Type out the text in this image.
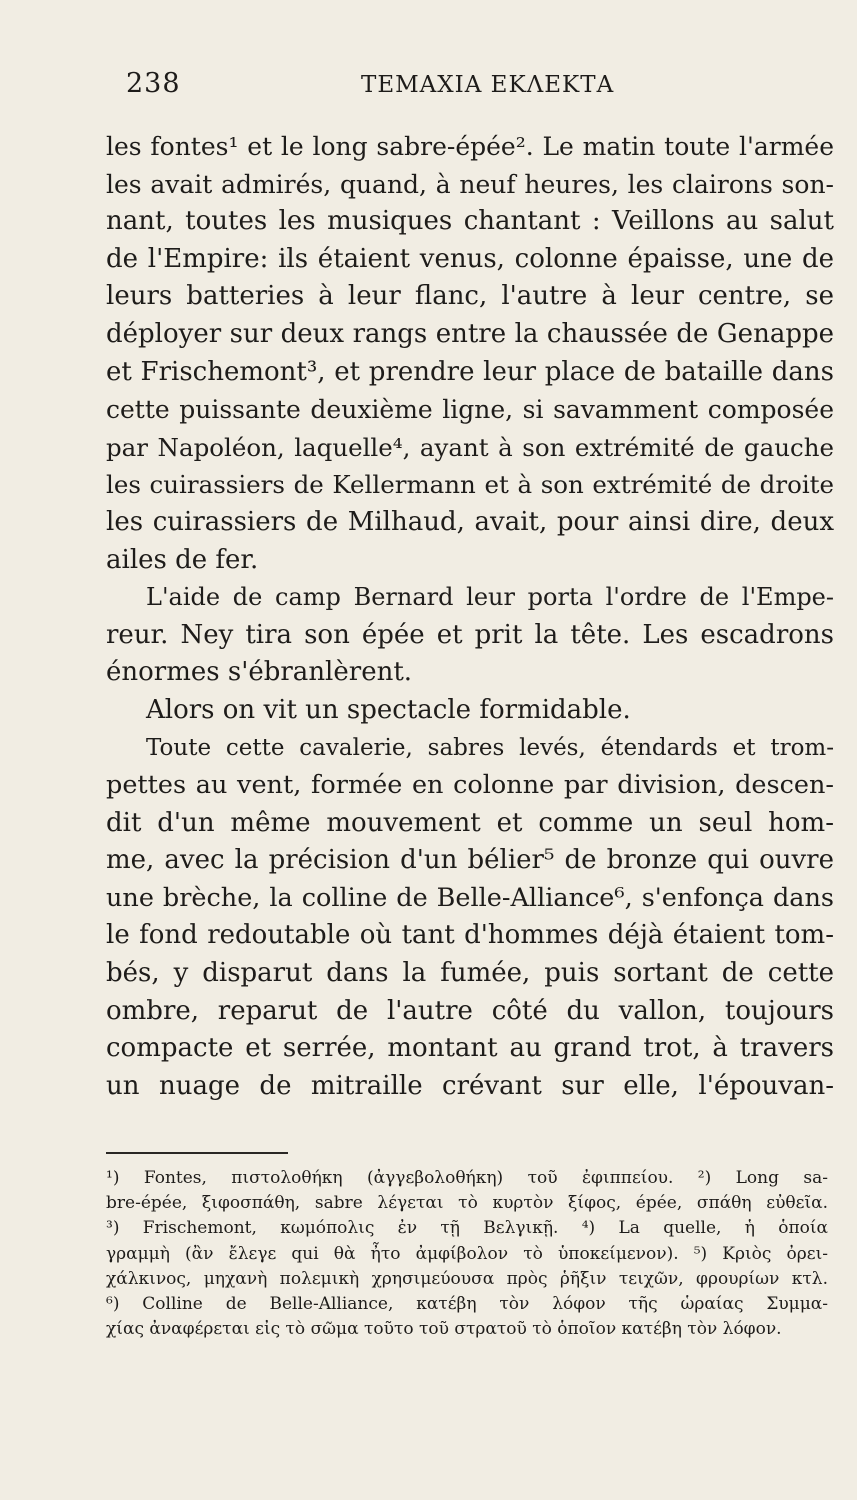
238	ΤΕΜΑΧΙΑ ΕΚΛΕΚΤΑ
les fontes¹ et le long sabre-épée². Le matin toute l'armée
les avait admirés, quand, à neuf heures, les clairons son-
nant, toutes les musiques chantant : Veillons au salut
de l'Empire: ils étaient venus, colonne épaisse, une de
leurs batteries à leur flanc, l'autre à leur centre, se
déployer sur deux rangs entre la chaussée de Genappe
et Frischemont³, et prendre leur place de bataille dans
cette puissante deuxième ligne, si savamment composée
par Napoléon, laquelle⁴, ayant à son extrémité de gauche
les cuirassiers de Kellermann et à son extrémité de droite
les cuirassiers de Milhaud, avait, pour ainsi dire, deux
ailes de fer.
L'aide de camp Bernard leur porta l'ordre de l'Empe-
reur. Ney tira son épée et prit la tête. Les escadrons
énormes s'ébranlèrent.
Alors on vit un spectacle formidable.
Toute cette cavalerie, sabres levés, étendards et trom-
pettes au vent, formée en colonne par division, descen-
dit d'un même mouvement et comme un seul hom-
me, avec la précision d'un bélier⁵ de bronze qui ouvre
une brèche, la colline de Belle-Alliance⁶, s'enfonça dans
le fond redoutable où tant d'hommes déjà étaient tom-
bés, y disparut dans la fumée, puis sortant de cette
ombre, reparut de l'autre côté du vallon, toujours
compacte et serrée, montant au grand trot, à travers
un nuage de mitraille crévant sur elle, l'épouvan-
¹) Fontes, πιστολοθήκη (ἀγγεβολοθήκη) τοῦ ἐφιππείου. ²) Long sa-
bre-épée, ξιφοσπάθη, sabre λέγεται τὸ κυρτὸν ξίφος, épée, σπάθη εὐθεῖα.
³) Frischemont, κωμόπολις ἐν τῇ Βελγικῇ. ⁴) La quelle, ἡ ὁποία
γραμμὴ (ἂν ἔλεγε qui θὰ ἦτο ἀμφίβολον τὸ ὑποκείμενον). ⁵) Κριὸς ὀρει-
χάλκινος, μηχανὴ πολεμικὴ χρησιμεύουσα πρὸς ῥῆξιν τειχῶν, φρουρίων κτλ.
⁶) Colline de Belle-Alliance, κατέβη τὸν λόφον τῆς ὡραίας Συμμα-
χίας ἀναφέρεται εἰς τὸ σῶμα τοῦτο τοῦ στρατοῦ τὸ ὁποῖον κατέβη τὸν λόφον.
